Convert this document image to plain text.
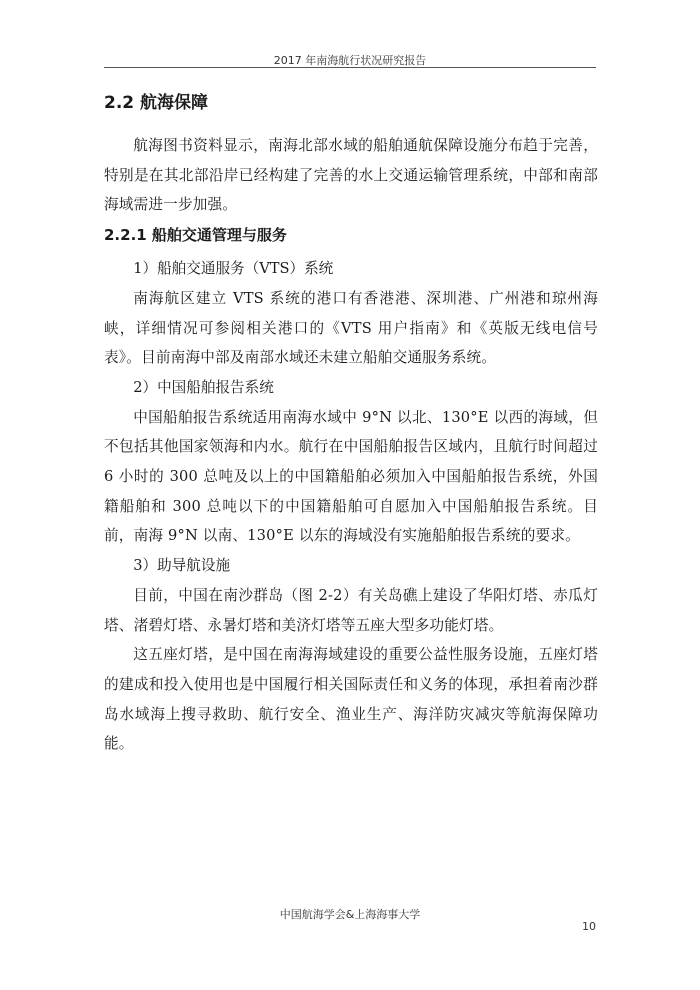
2017 年南海航行状况研究报告
2.2 航海保障

航海图书资料显示，南海北部水域的船舶通航保障设施分布趋于完善，特别是在其北部沿岸已经构建了完善的水上交通运输管理系统，中部和南部海域需进一步加强。

2.2.1 船舶交通管理与服务

1）船舶交通服务（VTS）系统

南海航区建立 VTS 系统的港口有香港港、深圳港、广州港和琼州海峡，详细情况可参阅相关港口的《VTS 用户指南》和《英版无线电信号表》。目前南海中部及南部水域还未建立船舶交通服务系统。

2）中国船舶报告系统

中国船舶报告系统适用南海水域中 9°N 以北、130°E 以西的海域，但不包括其他国家领海和内水。航行在中国船舶报告区域内，且航行时间超过 6 小时的 300 总吨及以上的中国籍船舶必须加入中国船舶报告系统，外国籍船舶和 300 总吨以下的中国籍船舶可自愿加入中国船舶报告系统。目前，南海 9°N 以南、130°E 以东的海域没有实施船舶报告系统的要求。

3）助导航设施

目前，中国在南沙群岛（图 2-2）有关岛礁上建设了华阳灯塔、赤瓜灯塔、渚碧灯塔、永暑灯塔和美济灯塔等五座大型多功能灯塔。

这五座灯塔，是中国在南海海域建设的重要公益性服务设施，五座灯塔的建成和投入使用也是中国履行相关国际责任和义务的体现，承担着南沙群岛水域海上搜寻救助、航行安全、渔业生产、海洋防灾减灾等航海保障功能。

中国航海学会&上海海事大学
10
